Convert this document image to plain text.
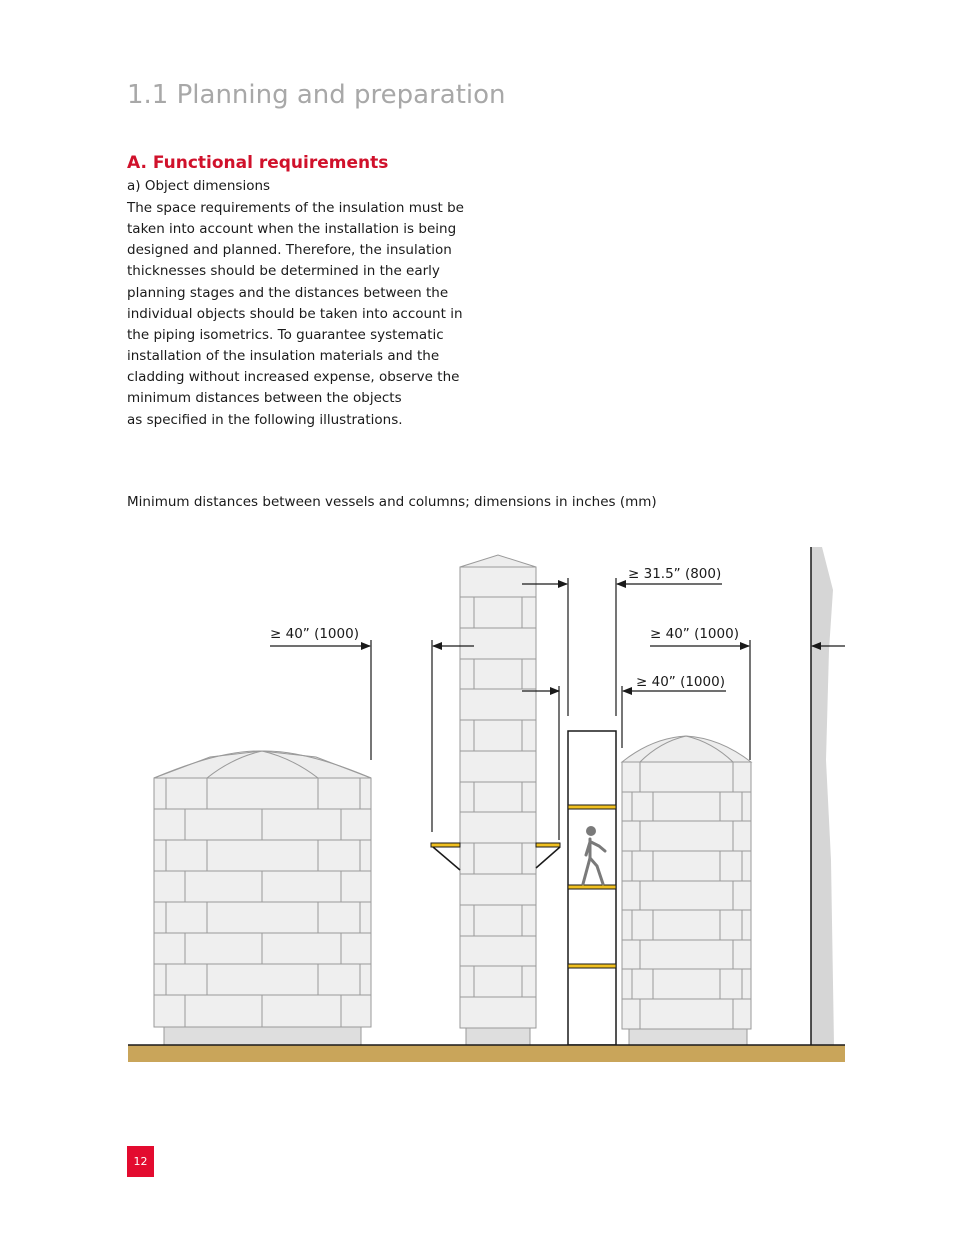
1.1 Planning and preparation
A. Functional requirements

a) Object dimensions

The space requirements of the insulation must be

taken into account when the installation is being

designed and planned. Therefore, the insulation

thicknesses should be determined in the early

planning stages and the distances between the

individual objects should be taken into account in

the piping isometrics. To guarantee systematic

installation of the insulation materials and the

cladding without increased expense, observe the

minimum distances between the objects

as specified in the following illustrations.

Minimum distances between vessels and columns; dimensions in inches (mm)

≥ 40” (1000)
≥ 31.5” (800)
≥ 40” (1000)
≥ 40” (1000)
12
